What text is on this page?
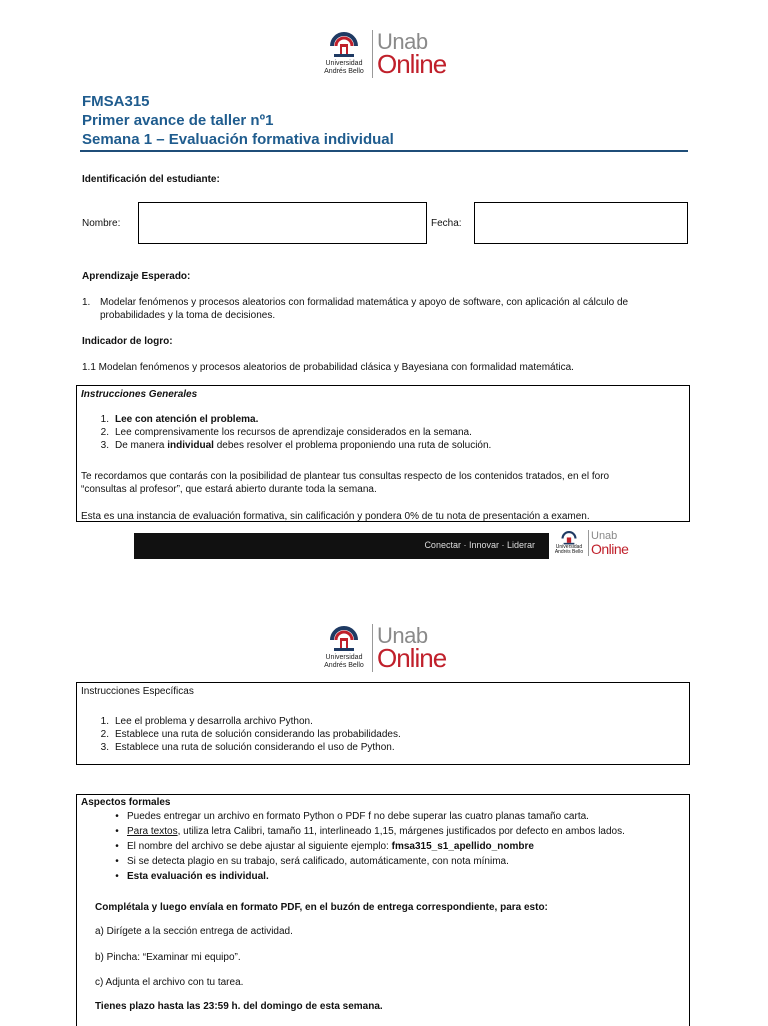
Universidad
Andrés Bello
Unab
Online
FMSA315
Primer avance de taller nº1
Semana 1 – Evaluación formativa individual
Identificación del estudiante:
Nombre:	Fecha:
Aprendizaje Esperado:
1. Modelar fenómenos y procesos aleatorios con formalidad matemática y apoyo de software, con aplicación al cálculo de
probabilidades y la toma de decisiones.
Indicador de logro:
1.1 Modelan fenómenos y procesos aleatorios de probabilidad clásica y Bayesiana con formalidad matemática.
Instrucciones Generales
1. Lee con atención el problema.
2. Lee comprensivamente los recursos de aprendizaje considerados en la semana.
3. De manera individual debes resolver el problema proponiendo una ruta de solución.
Te recordamos que contarás con la posibilidad de plantear tus consultas respecto de los contenidos tratados, en el foro
“consultas al profesor”, que estará abierto durante toda la semana.
Esta es una instancia de evaluación formativa, sin calificación y pondera 0% de tu nota de presentación a examen.
Conectar · Innovar · Liderar	Universidad
Andrés Bello
Unab
Online
Universidad
Andrés Bello
Unab
Online
Instrucciones Específicas
1. Lee el problema y desarrolla archivo Python.
2. Establece una ruta de solución considerando las probabilidades.
3. Establece una ruta de solución considerando el uso de Python.
Aspectos formales
• Puedes entregar un archivo en formato Python o PDF f no debe superar las cuatro planas tamaño carta.
• Para textos, utiliza letra Calibri, tamaño 11, interlineado 1,15, márgenes justificados por defecto en ambos lados.
• El nombre del archivo se debe ajustar al siguiente ejemplo: fmsa315_s1_apellido_nombre
• Si se detecta plagio en su trabajo, será calificado, automáticamente, con nota mínima.
• Esta evaluación es individual.
Complétala y luego envíala en formato PDF, en el buzón de entrega correspondiente, para esto:
a) Dirígete a la sección entrega de actividad.
b) Pincha: “Examinar mi equipo”.
c) Adjunta el archivo con tu tarea.
Tienes plazo hasta las 23:59 h. del domingo de esta semana.
